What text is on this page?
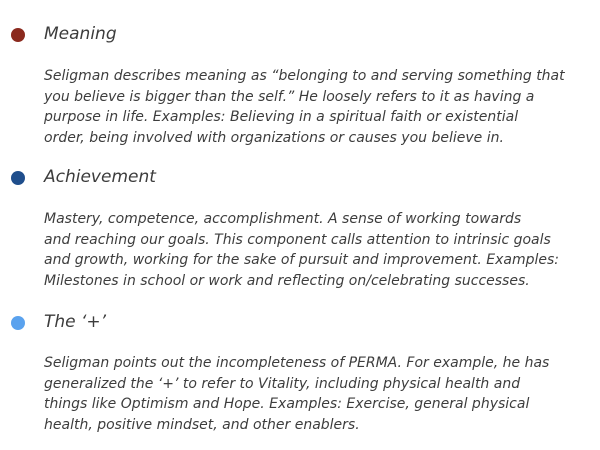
Meaning

Seligman describes meaning as “belonging to and serving something that
you believe is bigger than the self.” He loosely refers to it as having a
purpose in life. Examples: Believing in a spiritual faith or existential
order, being involved with organizations or causes you believe in.

Achievement

Mastery, competence, accomplishment. A sense of working towards
and reaching our goals. This component calls attention to intrinsic goals
and growth, working for the sake of pursuit and improvement. Examples:
Milestones in school or work and reflecting on/celebrating successes.

The ‘+’

Seligman points out the incompleteness of PERMA. For example, he has
generalized the ‘+’ to refer to Vitality, including physical health and
things like Optimism and Hope. Examples: Exercise, general physical
health, positive mindset, and other enablers.
